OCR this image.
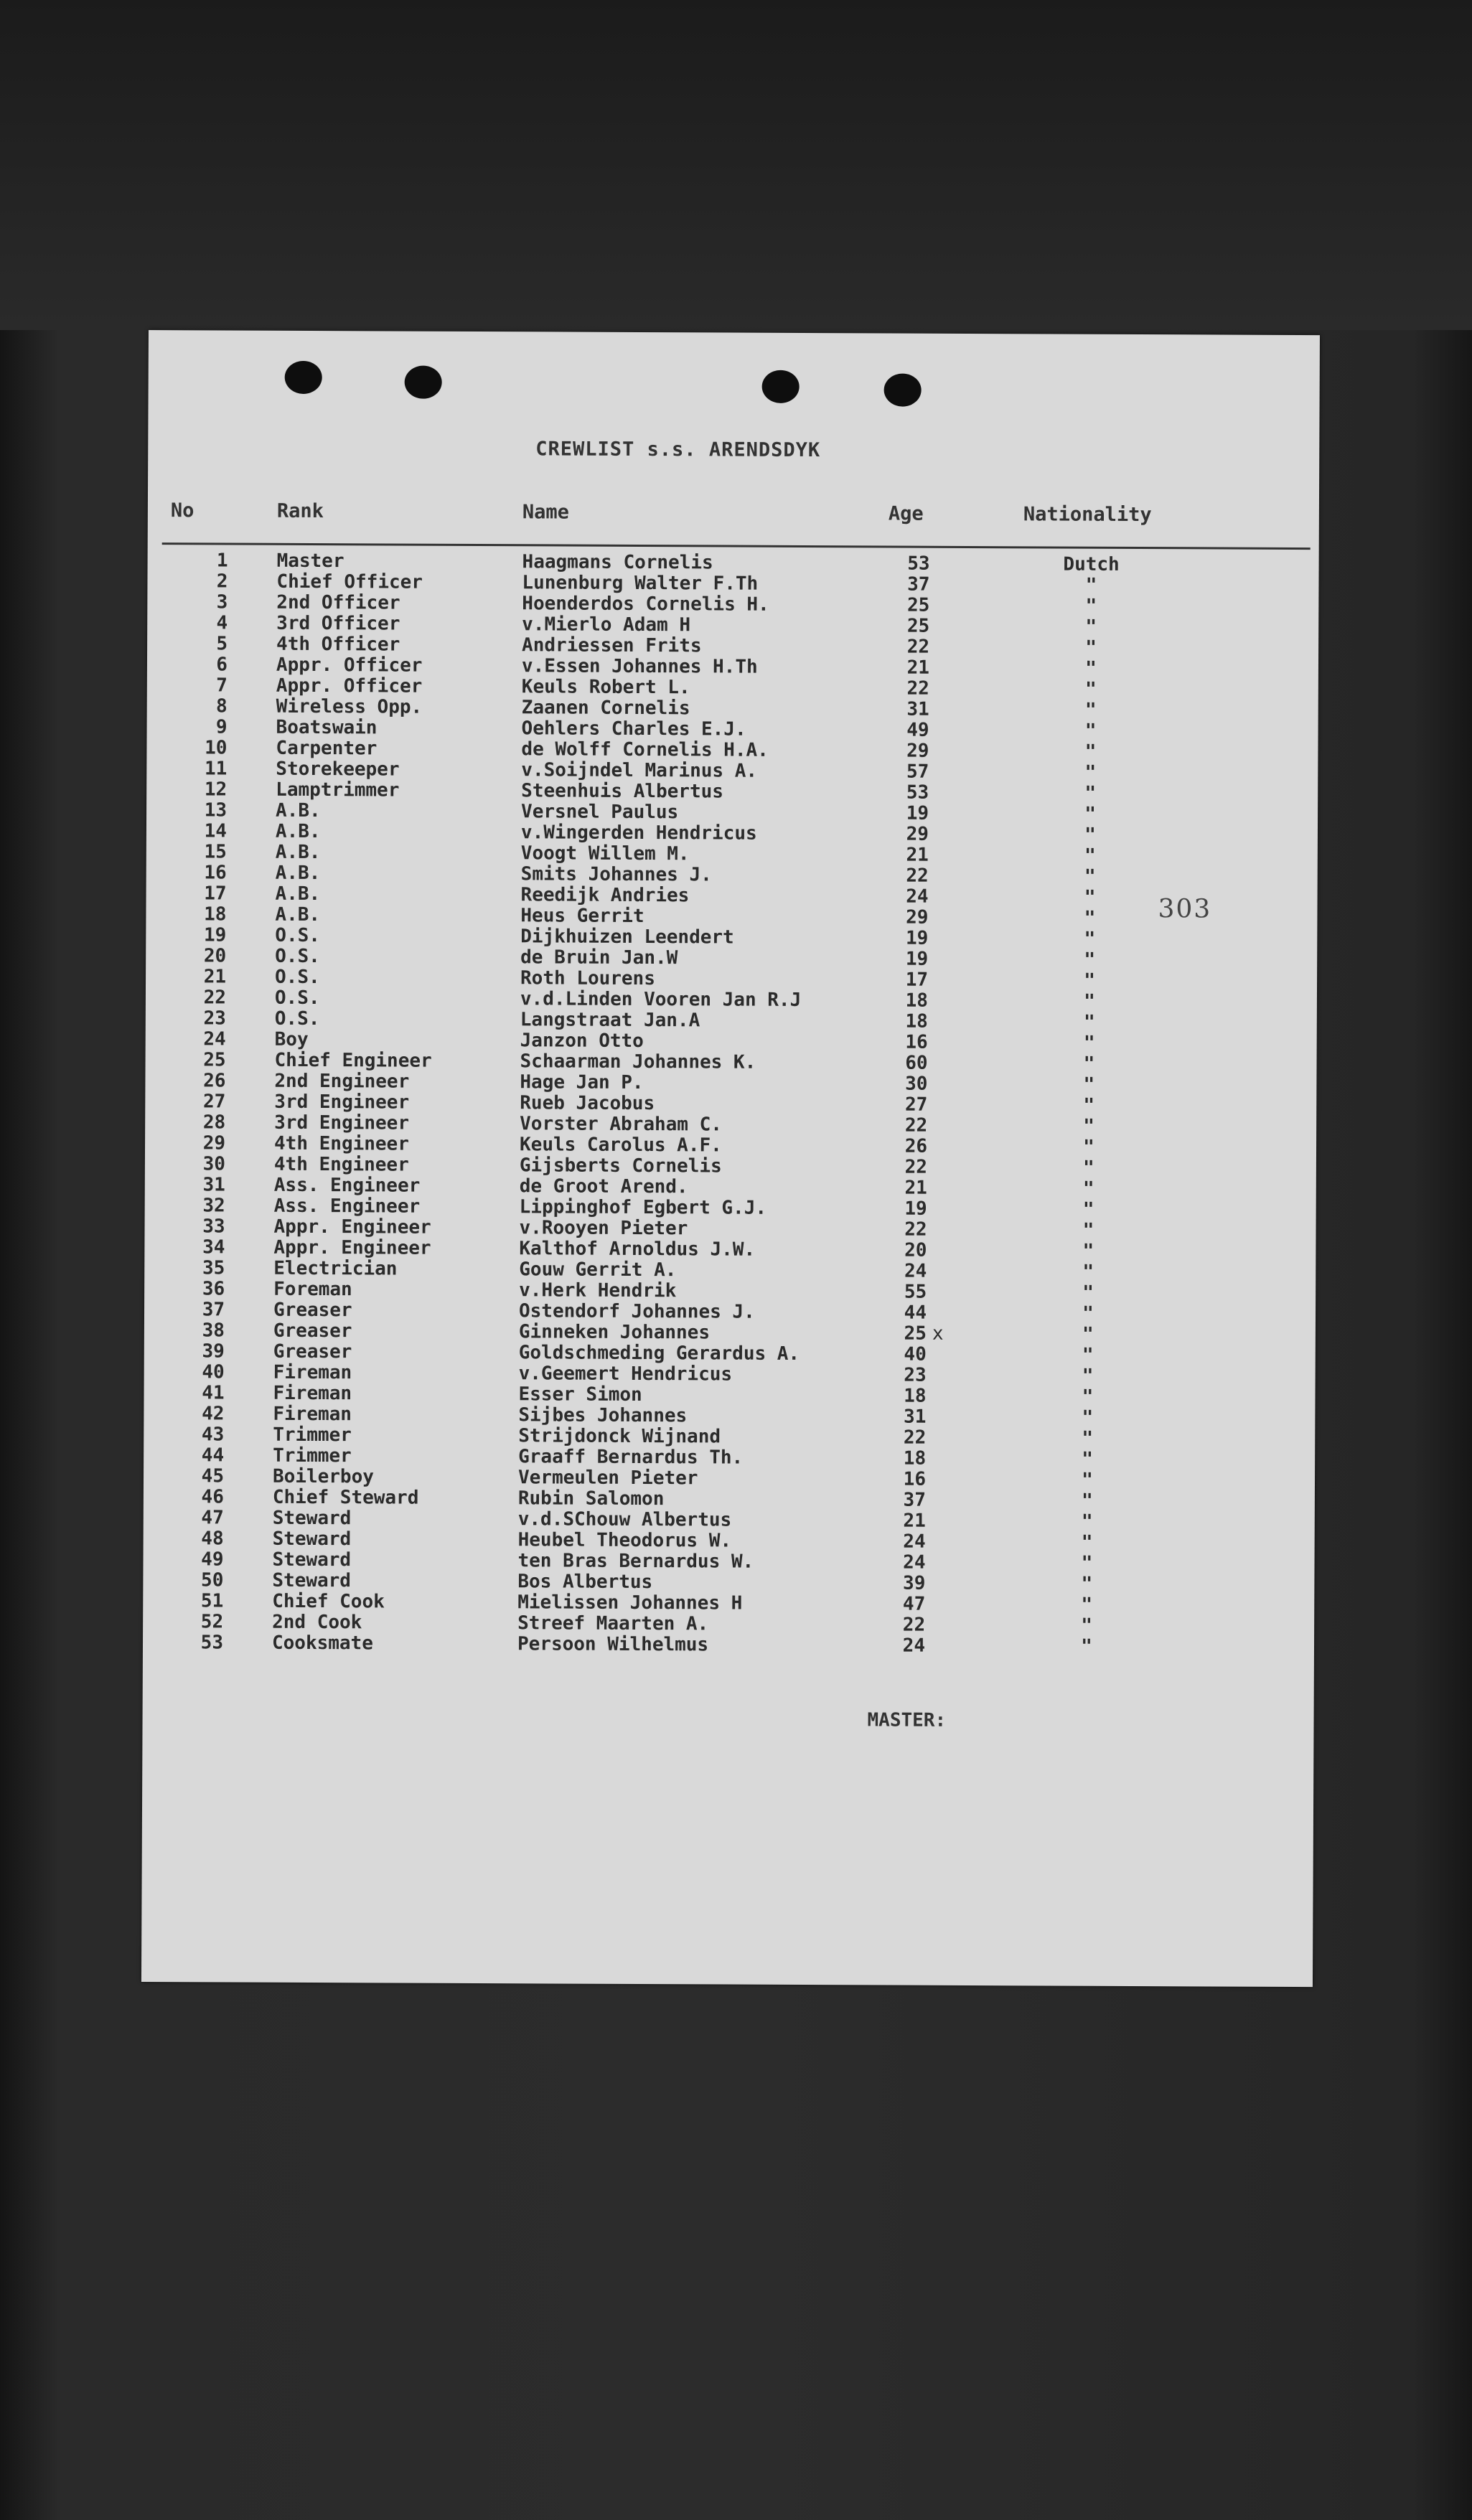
CREWLIST s.s. ARENDSDYK
No	Rank	Name	Age	Nationality
1	Master	Haagmans Cornelis	53	Dutch
2	Chief Officer	Lunenburg Walter F.Th	37	"
3	2nd Officer	Hoenderdos Cornelis H.	25	"
4	3rd Officer	v.Mierlo Adam H	25	"
5	4th Officer	Andriessen Frits	22	"
6	Appr. Officer	v.Essen Johannes H.Th	21	"
7	Appr. Officer	Keuls Robert L.	22	"
8	Wireless Opp.	Zaanen Cornelis	31	"
9	Boatswain	Oehlers Charles E.J.	49	"
10	Carpenter	de Wolff Cornelis H.A.	29	"
11	Storekeeper	v.Soijndel Marinus A.	57	"
12	Lamptrimmer	Steenhuis Albertus	53	"
13	A.B.	Versnel Paulus	19	"
14	A.B.	v.Wingerden Hendricus	29	"
15	A.B.	Voogt Willem M.	21	"
16	A.B.	Smits Johannes J.	22	"
17	A.B.	Reedijk Andries	24	"
18	A.B.	Heus Gerrit	29	"
19	O.S.	Dijkhuizen Leendert	19	"
20	O.S.	de Bruin Jan.W	19	"
21	O.S.	Roth Lourens	17	"
22	O.S.	v.d.Linden Vooren Jan R.J	18	"
23	O.S.	Langstraat Jan.A	18	"
24	Boy	Janzon Otto	16	"
25	Chief Engineer	Schaarman Johannes K.	60	"
26	2nd Engineer	Hage Jan P.	30	"
27	3rd Engineer	Rueb Jacobus	27	"
28	3rd Engineer	Vorster Abraham C.	22	"
29	4th Engineer	Keuls Carolus A.F.	26	"
30	4th Engineer	Gijsberts Cornelis	22	"
31	Ass. Engineer	de Groot Arend.	21	"
32	Ass. Engineer	Lippinghof Egbert G.J.	19	"
33	Appr. Engineer	v.Rooyen Pieter	22	"
34	Appr. Engineer	Kalthof Arnoldus J.W.	20	"
35	Electrician	Gouw Gerrit A.	24	"
36	Foreman	v.Herk Hendrik	55	"
37	Greaser	Ostendorf Johannes J.	44	"
38	Greaser	Ginneken Johannes	25 x	"
39	Greaser	Goldschmeding Gerardus A.	40	"
40	Fireman	v.Geemert Hendricus	23	"
41	Fireman	Esser Simon	18	"
42	Fireman	Sijbes Johannes	31	"
43	Trimmer	Strijdonck Wijnand	22	"
44	Trimmer	Graaff Bernardus Th.	18	"
45	Boilerboy	Vermeulen Pieter	16	"
46	Chief Steward	Rubin Salomon	37	"
47	Steward	v.d.SChouw Albertus	21	"
48	Steward	Heubel Theodorus W.	24	"
49	Steward	ten Bras Bernardus W.	24	"
50	Steward	Bos Albertus	39	"
51	Chief Cook	Mielissen Johannes H	47	"
52	2nd Cook	Streef Maarten A.	22	"
53	Cooksmate	Persoon Wilhelmus	24	"
303
MASTER:
